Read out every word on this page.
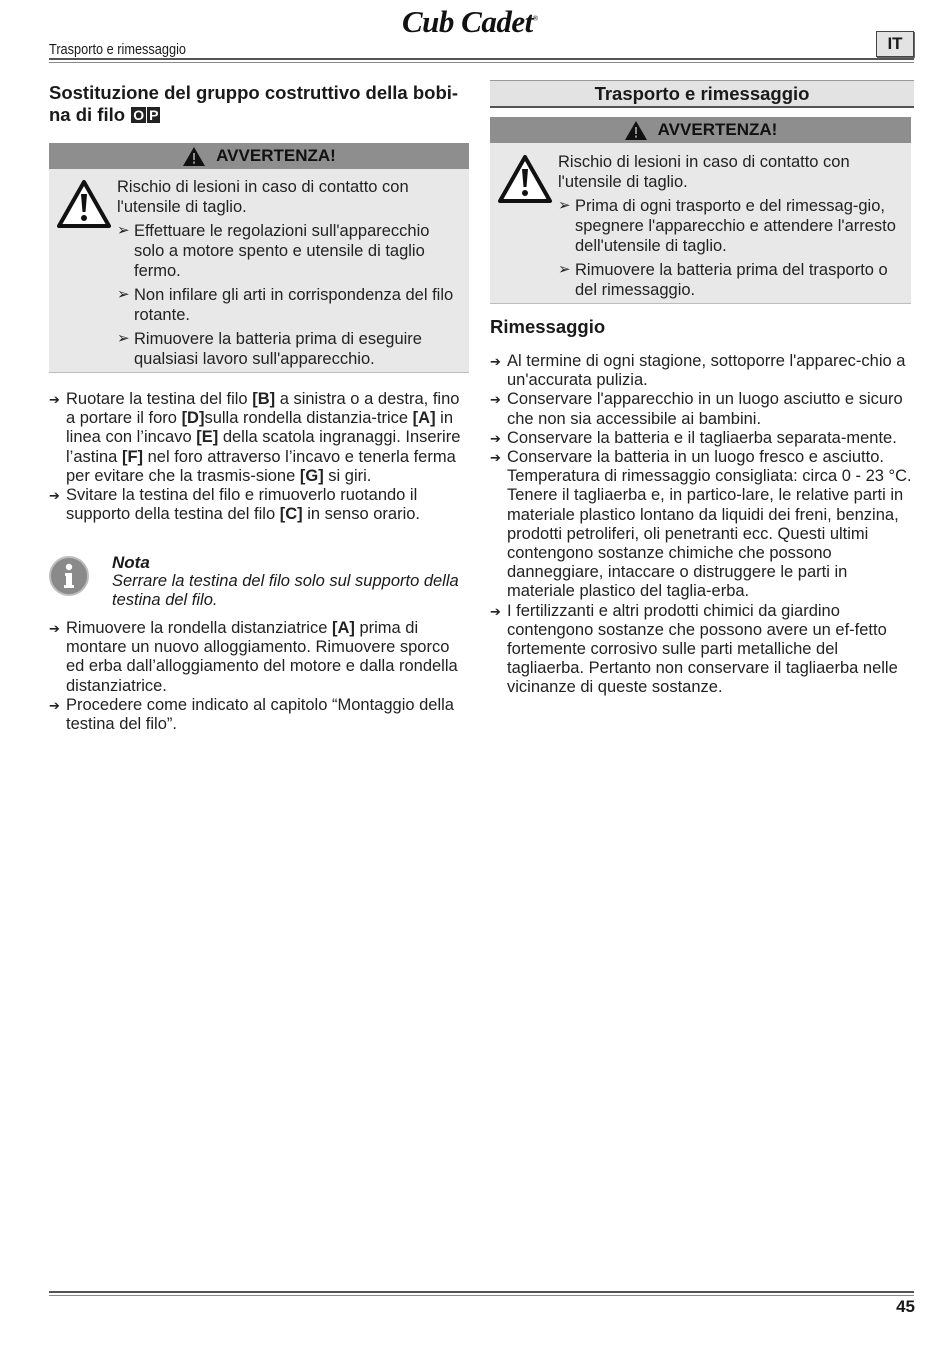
Cub Cadet®
Trasporto e rimessaggio	IT
Sostituzione del gruppo costruttivo della bobi-
na di filo O P
AVVERTENZA!

Rischio di lesioni in caso di contatto con l'utensile di taglio.

➢ Effettuare le regolazioni sull'apparecchio solo a motore spento e utensile di taglio fermo.
➢ Non infilare gli arti in corrispondenza del filo rotante.
➢ Rimuovere la batteria prima di eseguire qualsiasi lavoro sull'apparecchio.
➔ Ruotare la testina del filo [B] a sinistra o a destra, fino a portare il foro [D]sulla rondella distanzia-trice [A] in linea con l’incavo [E] della scatola ingranaggi. Inserire l’astina [F] nel foro attraverso l’incavo e tenerla ferma per evitare che la trasmis-sione [G] si giri.
➔ Svitare la testina del filo e rimuoverlo ruotando il supporto della testina del filo [C] in senso orario.
Nota
Serrare la testina del filo solo sul supporto della testina del filo.
➔ Rimuovere la rondella distanziatrice [A] prima di montare un nuovo alloggiamento. Rimuovere sporco ed erba dall’alloggiamento del motore e dalla rondella distanziatrice.
➔ Procedere come indicato al capitolo “Montaggio della testina del filo”.
Trasporto e rimessaggio
AVVERTENZA!

Rischio di lesioni in caso di contatto con l'utensile di taglio.

➢ Prima di ogni trasporto e del rimessag-gio, spegnere l'apparecchio e attendere l'arresto dell'utensile di taglio.
➢ Rimuovere la batteria prima del trasporto o del rimessaggio.
Rimessaggio
➔ Al termine di ogni stagione, sottoporre l'apparec-chio a un'accurata pulizia.
➔ Conservare l'apparecchio in un luogo asciutto e sicuro che non sia accessibile ai bambini.
➔ Conservare la batteria e il tagliaerba separata-mente.
➔ Conservare la batteria in un luogo fresco e asciutto. Temperatura di rimessaggio consigliata: circa 0 - 23 °C. Tenere il tagliaerba e, in partico-lare, le relative parti in materiale plastico lontano da liquidi dei freni, benzina, prodotti petroliferi, oli penetranti ecc. Questi ultimi contengono sostanze chimiche che possono danneggiare, intaccare o distruggere le parti in materiale plastico del taglia-erba.
➔ I fertilizzanti e altri prodotti chimici da giardino contengono sostanze che possono avere un ef-fetto fortemente corrosivo sulle parti metalliche del tagliaerba. Pertanto non conservare il tagliaerba nelle vicinanze di queste sostanze.
45
